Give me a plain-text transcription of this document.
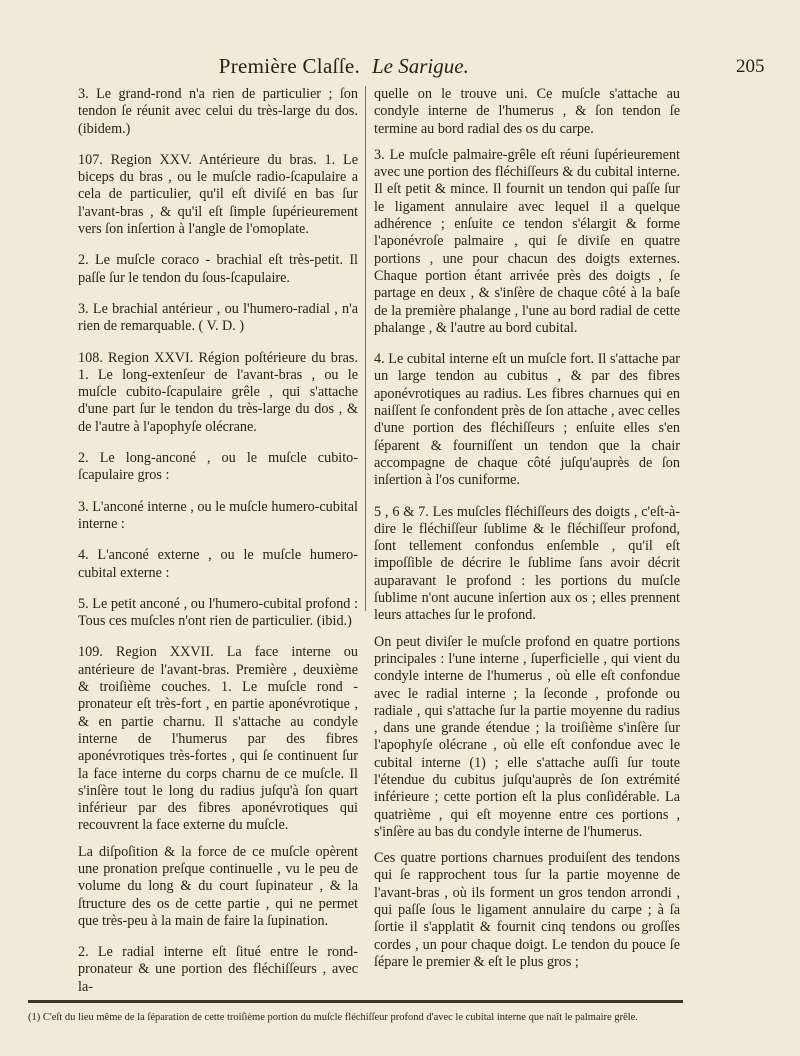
Première Claſſe. Le Sarigue.	205

3. Le grand-rond n'a rien de particulier ; ſon tendon ſe réunit avec celui du très-large du dos. (ibidem.)

107. Region XXV. Antérieure du bras. 1. Le biceps du bras , ou le muſcle radio-ſcapulaire a cela de particulier, qu'il eſt diviſé en bas ſur l'avant-bras , & qu'il eſt ſimple ſupérieurement vers ſon inſertion à l'angle de l'omoplate.

2. Le muſcle coraco - brachial eſt très-petit. Il paſſe ſur le tendon du ſous-ſcapulaire.

3. Le brachial antérieur , ou l'humero-radial , n'a rien de remarquable. ( V. D. )

108. Region XXVI. Région poſtérieure du bras. 1. Le long-extenſeur de l'avant-bras , ou le muſcle cubito-ſcapulaire grêle , qui s'attache d'une part ſur le tendon du très-large du dos , & de l'autre à l'apophyſe olécrane.

2. Le long-anconé , ou le muſcle cubito-ſcapulaire gros :

3. L'anconé interne , ou le muſcle humero-cubital interne :

4. L'anconé externe , ou le muſcle humero-cubital externe :

5. Le petit anconé , ou l'humero-cubital profond : Tous ces muſcles n'ont rien de particulier. (ibid.)

109. Region XXVII. La face interne ou antérieure de l'avant-bras. Première , deuxième & troiſième couches. 1. Le muſcle rond - pronateur eſt très-fort , en partie aponévrotique , & en partie charnu. Il s'attache au condyle interne de l'humerus par des fibres aponévrotiques très-fortes , qui ſe continuent ſur la face interne du corps charnu de ce muſcle. Il s'inſère tout le long du radius juſqu'à ſon quart inférieur par des fibres aponévrotiques qui recouvrent la face externe du muſcle.

La diſpoſition & la force de ce muſcle opèrent une pronation preſque continuelle , vu le peu de volume du long & du court ſupinateur , & la ſtructure des os de cette partie , qui ne permet que très-peu à la main de faire la ſupination.

2. Le radial interne eſt ſitué entre le rond-pronateur & une portion des fléchiſſeurs , avec la-

quelle on le trouve uni. Ce muſcle s'attache au condyle interne de l'humerus , & ſon tendon ſe termine au bord radial des os du carpe.

3. Le muſcle palmaire-grêle eſt réuni ſupérieurement avec une portion des fléchiſſeurs & du cubital interne. Il eſt petit & mince. Il fournit un tendon qui paſſe ſur le ligament annulaire avec lequel il a quelque adhérence ; enſuite ce tendon s'élargit & forme l'aponévroſe palmaire , qui ſe diviſe en quatre portions , une pour chacun des doigts externes. Chaque portion étant arrivée près des doigts , ſe partage en deux , & s'inſère de chaque côté à la baſe de la première phalange , l'une au bord radial de cette phalange , & l'autre au bord cubital.

4. Le cubital interne eſt un muſcle fort. Il s'attache par un large tendon au cubitus , & par des fibres aponévrotiques au radius. Les fibres charnues qui en naiſſent ſe confondent près de ſon attache , avec celles d'une portion des fléchiſſeurs ; enſuite elles s'en ſéparent & fourniſſent un tendon que la chair accompagne de chaque côté juſqu'auprès de ſon inſertion à l'os cuniforme.

5 , 6 & 7. Les muſcles fléchiſſeurs des doigts , c'eſt-à-dire le fléchiſſeur ſublime & le fléchiſſeur profond, ſont tellement confondus enſemble , qu'il eſt impoſſible de décrire le ſublime ſans avoir décrit auparavant le profond : les portions du muſcle ſublime n'ont aucune inſertion aux os ; elles prennent leurs attaches ſur le profond.

On peut diviſer le muſcle profond en quatre portions principales : l'une interne , ſuperficielle , qui vient du condyle interne de l'humerus , où elle eſt confondue avec le radial interne ; la ſeconde , profonde ou radiale , qui s'attache ſur la partie moyenne du radius , dans une grande étendue ; la troiſième s'inſère ſur l'apophyſe olécrane , où elle eſt confondue avec le cubital interne (1) ; elle s'attache auſſi ſur toute l'étendue du cubitus juſqu'auprès de ſon extrémité inférieure ; cette portion eſt la plus conſidérable. La quatrième , qui eſt moyenne entre ces portions , s'inſère au bas du condyle interne de l'humerus.

Ces quatre portions charnues produiſent des tendons qui ſe rapprochent tous ſur la partie moyenne de l'avant-bras , où ils forment un gros tendon arrondi , qui paſſe ſous le ligament annulaire du carpe ; à ſa ſortie il s'applatit & fournit cinq tendons ou groſſes cordes , un pour chaque doigt. Le tendon du pouce ſe ſépare le premier & eſt le plus gros ;

(1) C'eſt du lieu même de la ſéparation de cette troiſième portion du muſcle fléchiſſeur profond d'avec le cubital interne que naît le palmaire grêle.
